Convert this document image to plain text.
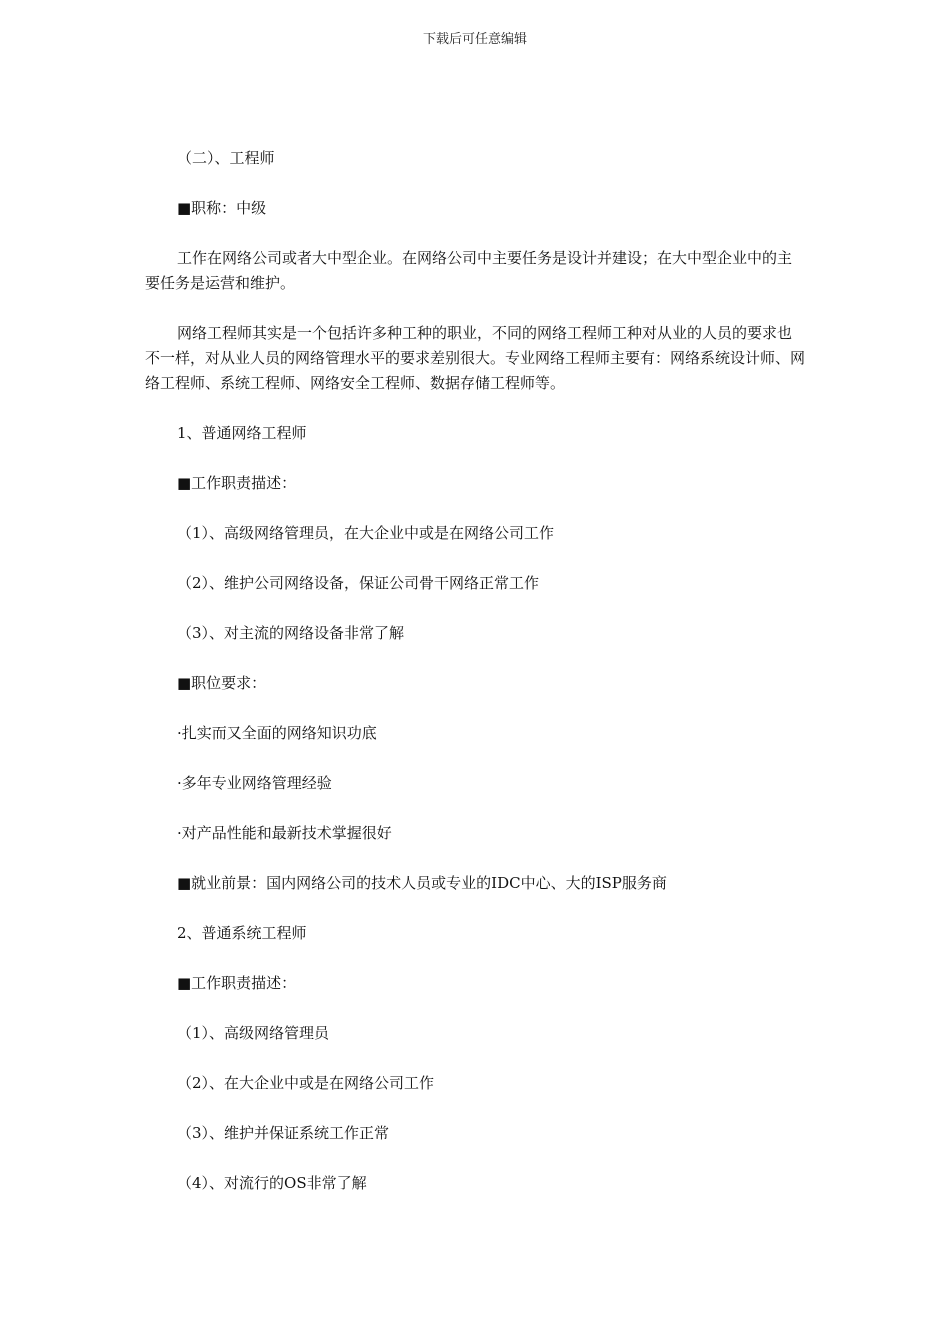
下载后可任意编辑

（二）、工程师

■职称：中级

工作在网络公司或者大中型企业。在网络公司中主要任务是设计并建设；在大中型企业中的主要任务是运营和维护。

网络工程师其实是一个包括许多种工种的职业，不同的网络工程师工种对从业的人员的要求也不一样，对从业人员的网络管理水平的要求差别很大。专业网络工程师主要有：网络系统设计师、网络工程师、系统工程师、网络安全工程师、数据存储工程师等。

1、普通网络工程师

■工作职责描述：

（1）、高级网络管理员，在大企业中或是在网络公司工作

（2）、维护公司网络设备，保证公司骨干网络正常工作

（3）、对主流的网络设备非常了解

■职位要求：

·扎实而又全面的网络知识功底

·多年专业网络管理经验

·对产品性能和最新技术掌握很好

■就业前景：国内网络公司的技术人员或专业的IDC中心、大的ISP服务商

2、普通系统工程师

■工作职责描述：

（1）、高级网络管理员

（2）、在大企业中或是在网络公司工作

（3）、维护并保证系统工作正常

（4）、对流行的OS非常了解
